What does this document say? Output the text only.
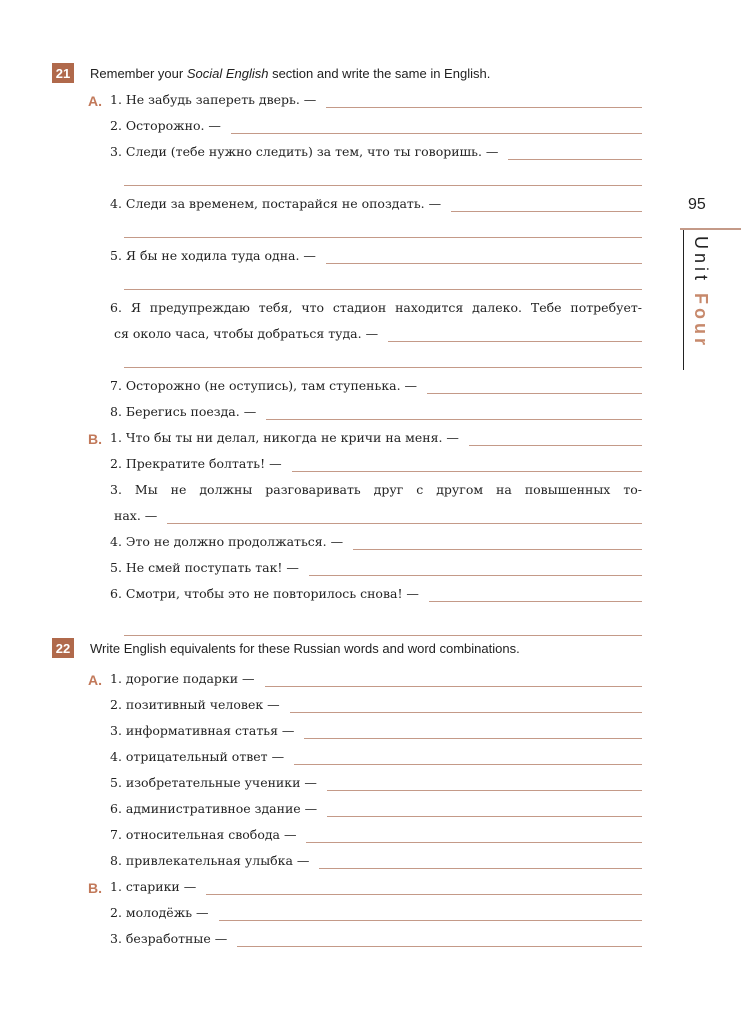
95
Unit Four
21 Remember your Social English section and write the same in English.
A. 1. Не забудь запереть дверь. —
2. Осторожно. —
3. Следи (тебе нужно следить) за тем, что ты говоришь. —
4. Следи за временем, постарайся не опоздать. —
5. Я бы не ходила туда одна. —
6. Я предупреждаю тебя, что стадион находится далеко. Тебе потребует-
ся около часа, чтобы добраться туда. —
7. Осторожно (не оступись), там ступенька. —
8. Берегись поезда. —
B. 1. Что бы ты ни делал, никогда не кричи на меня. —
2. Прекратите болтать! —
3. Мы не должны разговаривать друг с другом на повышенных то-
нах. —
4. Это не должно продолжаться. —
5. Не смей поступать так! —
6. Смотри, чтобы это не повторилось снова! —
22 Write English equivalents for these Russian words and word combinations.
A. 1. дорогие подарки —
2. позитивный человек —
3. информативная статья —
4. отрицательный ответ —
5. изобретательные ученики —
6. административное здание —
7. относительная свобода —
8. привлекательная улыбка —
B. 1. старики —
2. молодёжь —
3. безработные —
